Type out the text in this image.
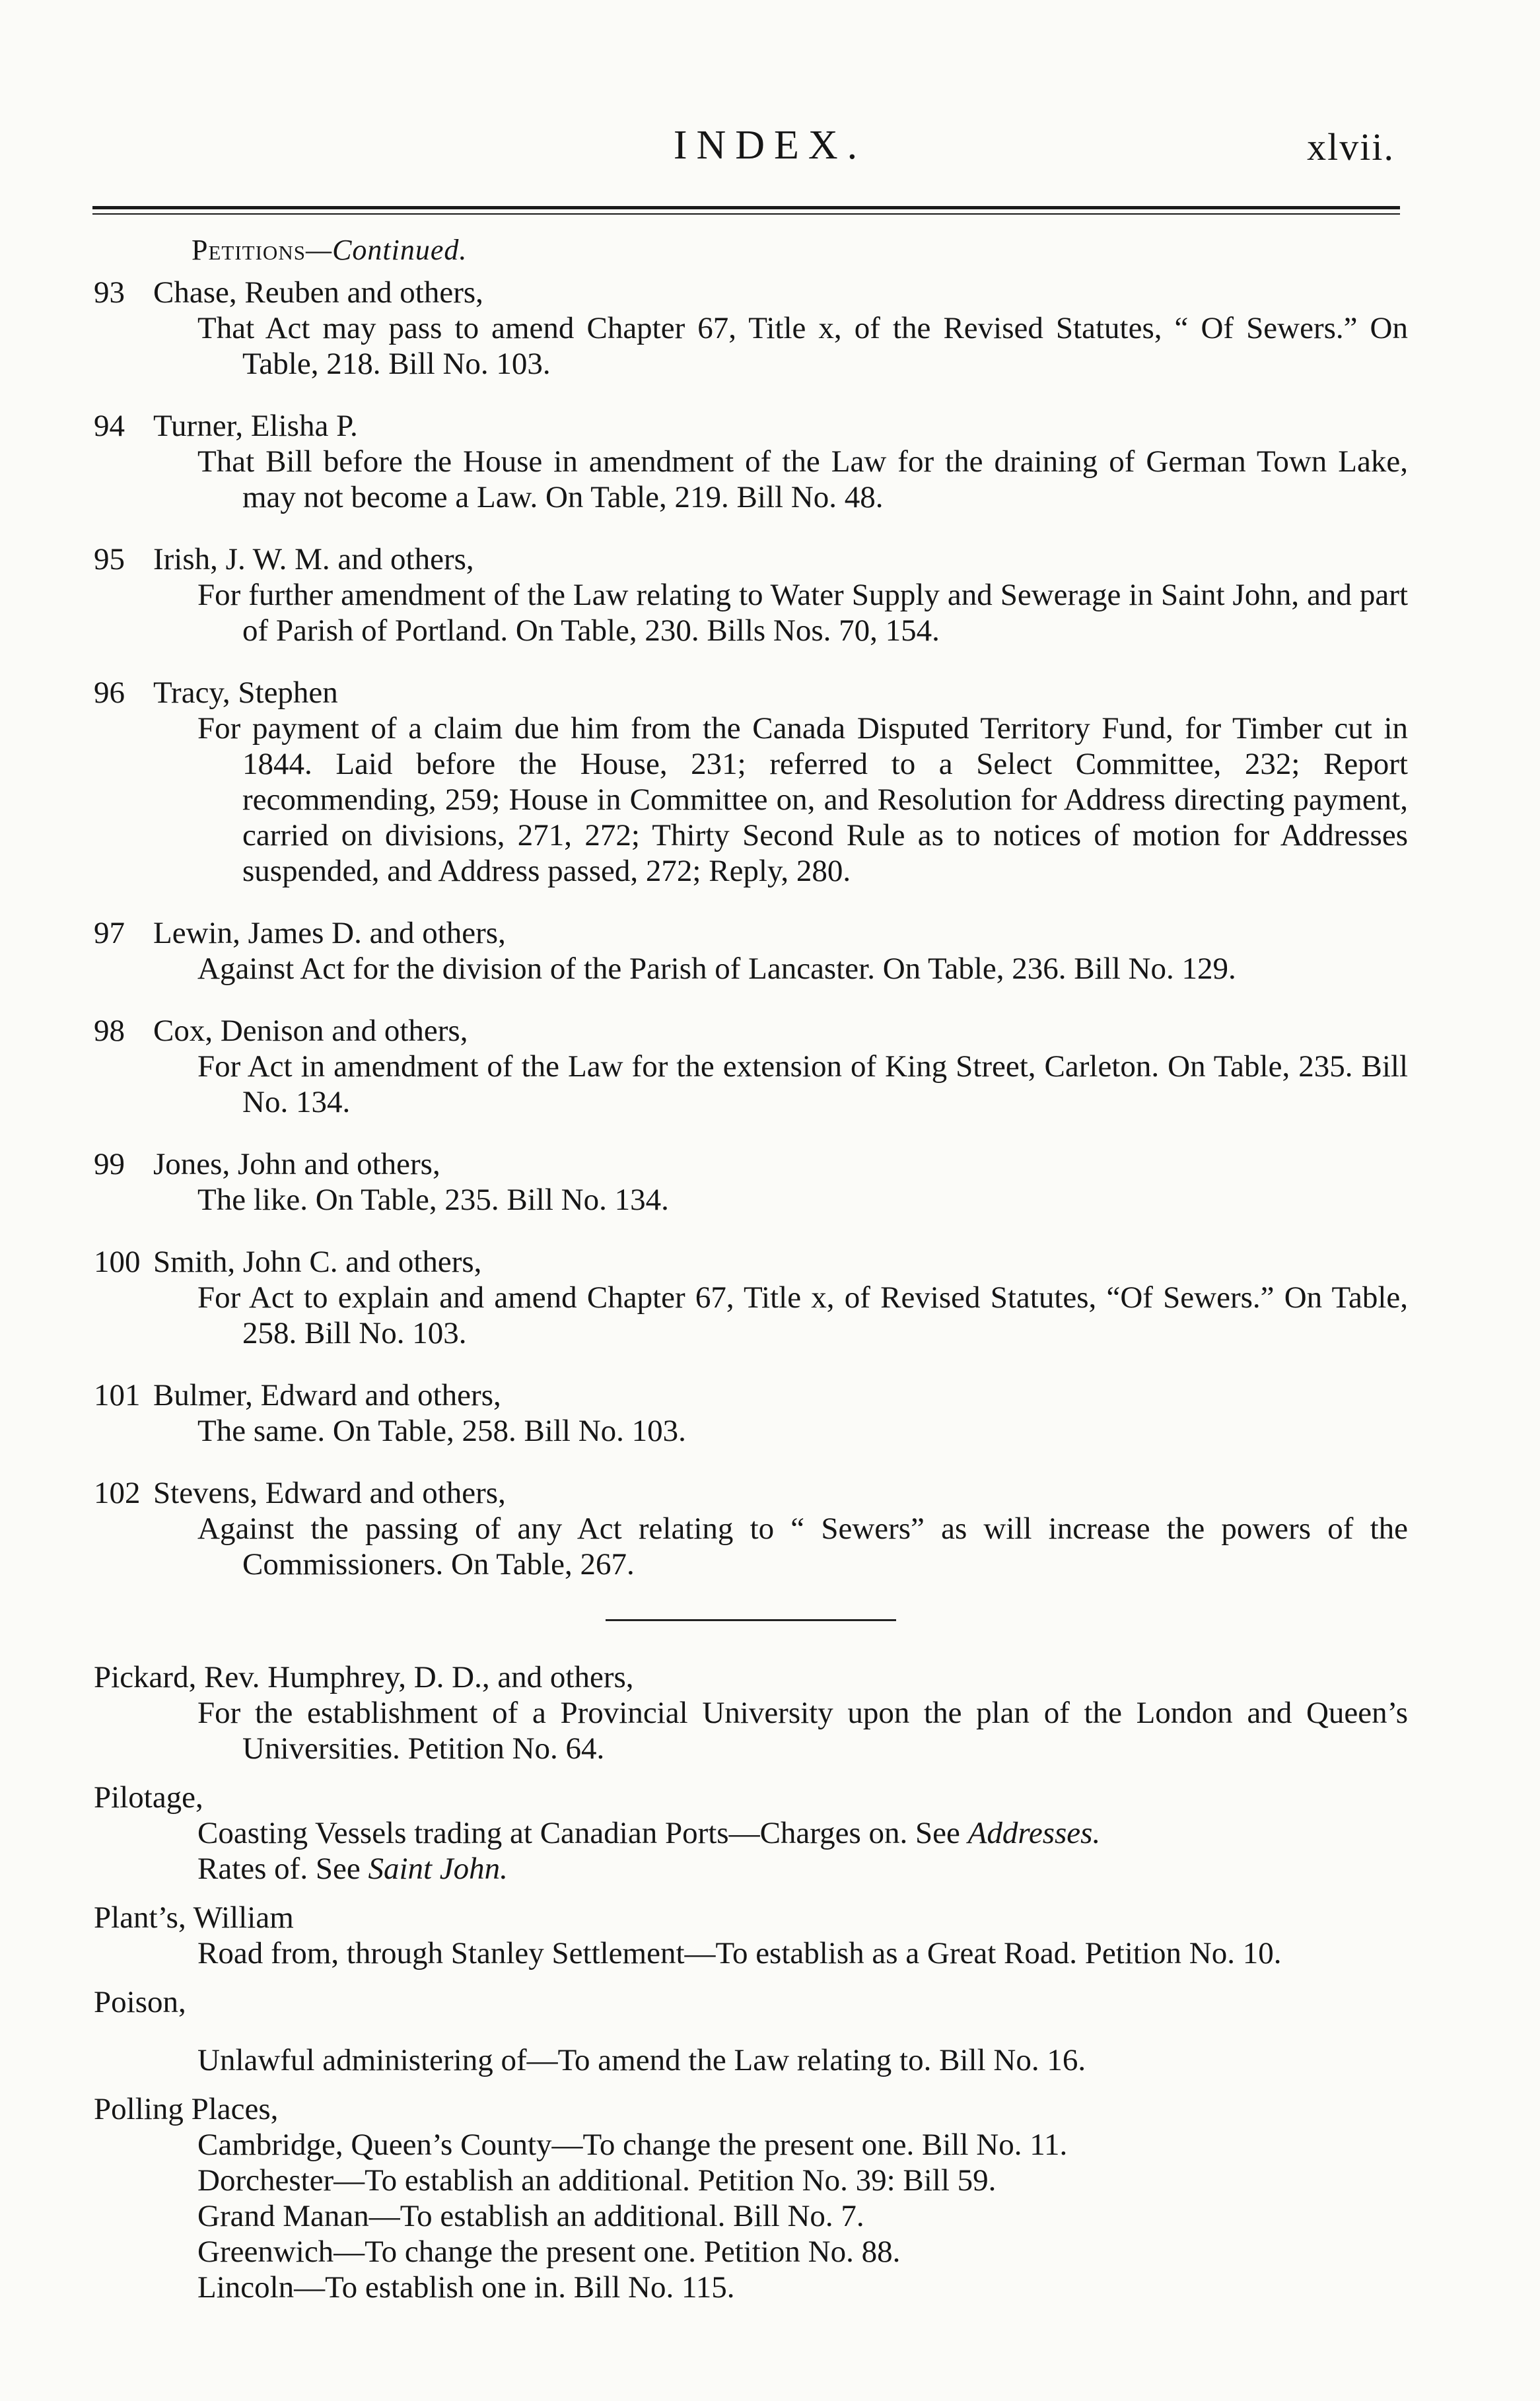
INDEX.	xlvii.
Petitions—Continued.
93 Chase, Reuben and others,
That Act may pass to amend Chapter 67, Title x, of the Revised Statutes, “ Of Sewers.” On Table, 218. Bill No. 103.
94 Turner, Elisha P.
That Bill before the House in amendment of the Law for the draining of German Town Lake, may not become a Law. On Table, 219. Bill No. 48.
95 Irish, J. W. M. and others,
For further amendment of the Law relating to Water Supply and Sewerage in Saint John, and part of Parish of Portland. On Table, 230. Bills Nos. 70, 154.
96 Tracy, Stephen
For payment of a claim due him from the Canada Disputed Territory Fund, for Timber cut in 1844. Laid before the House, 231; referred to a Select Committee, 232; Report recommending, 259; House in Committee on, and Resolution for Address directing payment, carried on divisions, 271, 272; Thirty Second Rule as to notices of motion for Addresses suspended, and Address passed, 272; Reply, 280.
97 Lewin, James D. and others,
Against Act for the division of the Parish of Lancaster. On Table, 236. Bill No. 129.
98 Cox, Denison and others,
For Act in amendment of the Law for the extension of King Street, Carleton. On Table, 235. Bill No. 134.
99 Jones, John and others,
The like. On Table, 235. Bill No. 134.
100 Smith, John C. and others,
For Act to explain and amend Chapter 67, Title x, of Revised Statutes, “Of Sewers.” On Table, 258. Bill No. 103.
101 Bulmer, Edward and others,
The same. On Table, 258. Bill No. 103.
102 Stevens, Edward and others,
Against the passing of any Act relating to “ Sewers” as will increase the powers of the Commissioners. On Table, 267.
Pickard, Rev. Humphrey, D. D., and others,
For the establishment of a Provincial University upon the plan of the London and Queen’s Universities. Petition No. 64.
Pilotage,
Coasting Vessels trading at Canadian Ports—Charges on. See Addresses.
Rates of. See Saint John.
Plant’s, William
Road from, through Stanley Settlement—To establish as a Great Road. Petition No. 10.
Poison,
Unlawful administering of—To amend the Law relating to. Bill No. 16.
Polling Places,
Cambridge, Queen’s County—To change the present one. Bill No. 11.
Dorchester—To establish an additional. Petition No. 39: Bill 59.
Grand Manan—To establish an additional. Bill No. 7.
Greenwich—To change the present one. Petition No. 88.
Lincoln—To establish one in. Bill No. 115.
